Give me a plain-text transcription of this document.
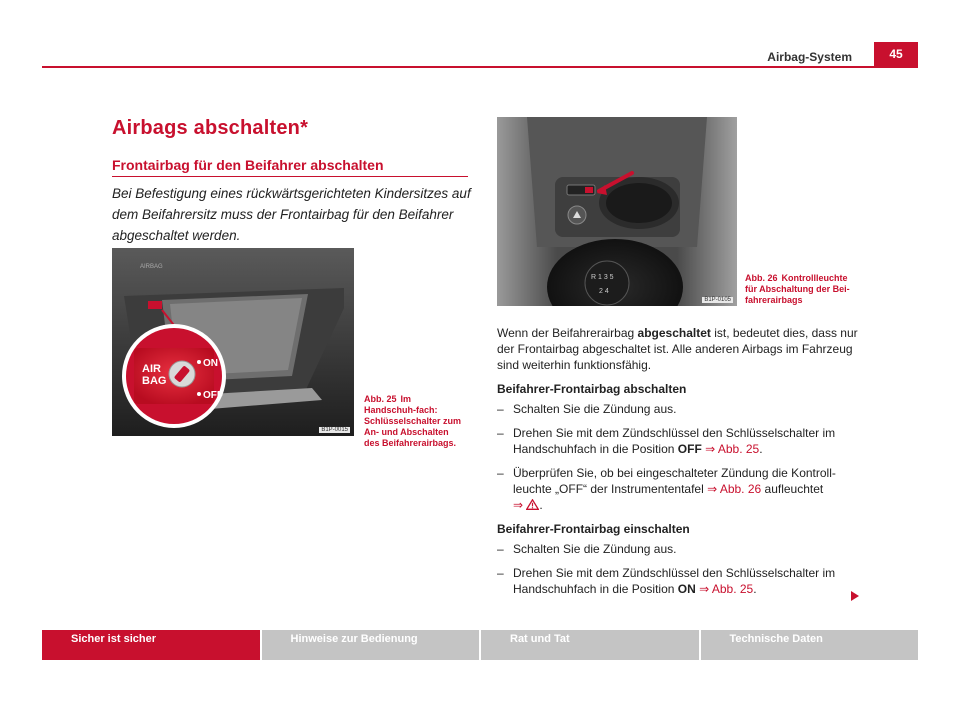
Airbag-System	45
Airbags abschalten*
Frontairbag für den Beifahrer abschalten
Bei Befestigung eines rückwärtsgerichteten Kindersitzes auf dem Beifahrersitz muss der Frontairbag für den Beifahrer abgeschaltet werden.
AIRBAG
AIR
BAG
ON
OFF
B1P-0015
Abb. 25 Im Handschuh-fach: Schlüsselschalter zum An- und Abschalten des Beifahrerairbags.
R 1 3 5
2 4
B1P-0105
Abb. 26 Kontrollleuchte für Abschaltung der Bei-fahrerairbags

Wenn der Beifahrerairbag abgeschaltet ist, bedeutet dies, dass nur der Frontairbag abgeschaltet ist. Alle anderen Airbags im Fahrzeug sind weiterhin funktionsfähig.

Beifahrer-Frontairbag abschalten

– Schalten Sie die Zündung aus.
– Drehen Sie mit dem Zündschlüssel den Schlüsselschalter im Handschuhfach in die Position OFF ⇒ Abb. 25.
– Überprüfen Sie, ob bei eingeschalteter Zündung die Kontroll-leuchte „OFF“ der Instrumententafel ⇒ Abb. 26 aufleuchtet
⇒ .

Beifahrer-Frontairbag einschalten

– Schalten Sie die Zündung aus.
– Drehen Sie mit dem Zündschlüssel den Schlüsselschalter im Handschuhfach in die Position ON ⇒ Abb. 25.
Sicher ist sicher	Hinweise zur Bedienung	Rat und Tat	Technische Daten
